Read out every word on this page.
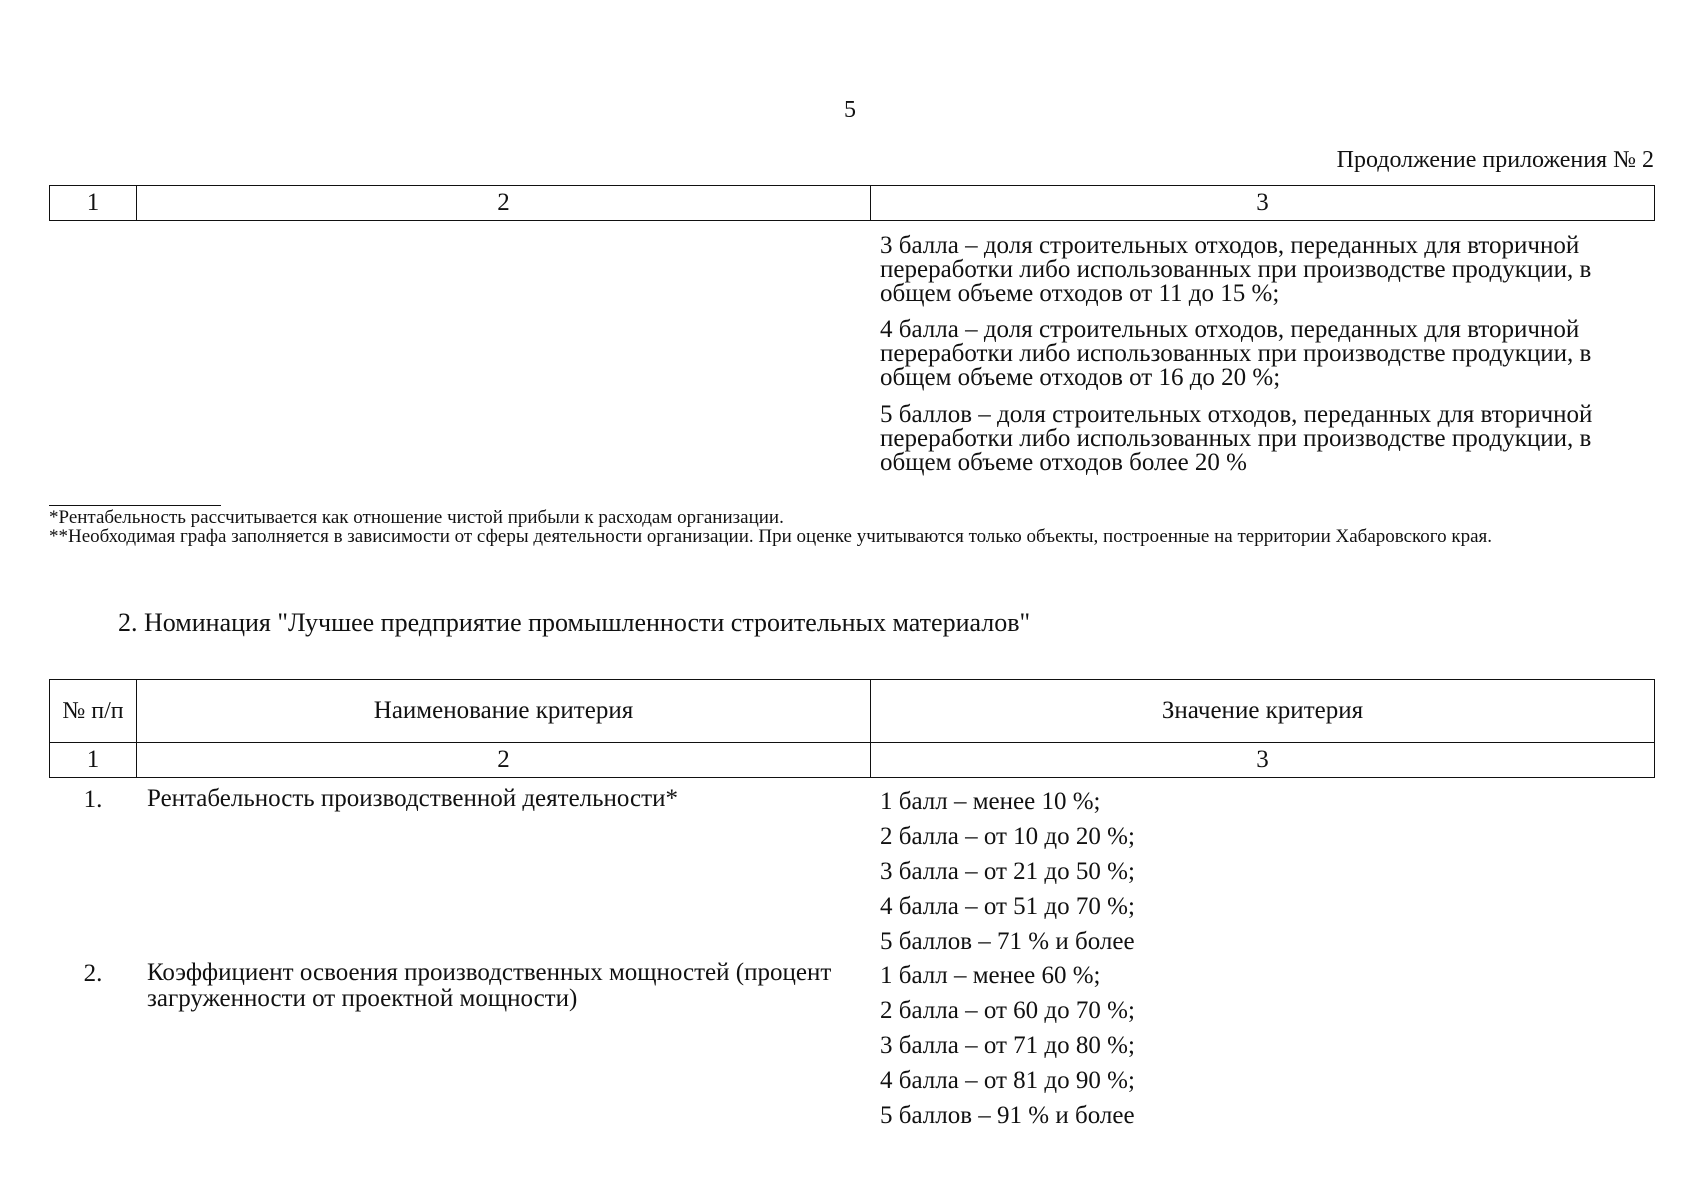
5
Продолжение приложения № 2
1	2	3
3 балла – доля строительных отходов, переданных для вторичной переработки либо использованных при производстве продукции, в общем объеме отходов от 11 до 15 %;
4 балла – доля строительных отходов, переданных для вторичной переработки либо использованных при производстве продукции, в общем объеме отходов от 16 до 20 %;
5 баллов – доля строительных отходов, переданных для вторичной переработки либо использованных при производстве продукции, в общем объеме отходов более 20 %
*Рентабельность рассчитывается как отношение чистой прибыли к расходам организации.
**Необходимая графа заполняется в зависимости от сферы деятельности организации. При оценке учитываются только объекты, построенные на территории Хабаровского края.
2. Номинация "Лучшее предприятие промышленности строительных материалов"
№ п/п	Наименование критерия	Значение критерия
1	2	3
1.	Рентабельность производственной деятельности*	1 балл – менее 10 %;
2 балла – от 10 до 20 %;
3 балла – от 21 до 50 %;
4 балла – от 51 до 70 %;
5 баллов – 71 % и более
2.	Коэффициент освоения производственных мощностей (процент загруженности от проектной мощности)
1 балл – менее 60 %;
2 балла – от 60 до 70 %;
3 балла – от 71 до 80 %;
4 балла – от 81 до 90 %;
5 баллов – 91 % и более
